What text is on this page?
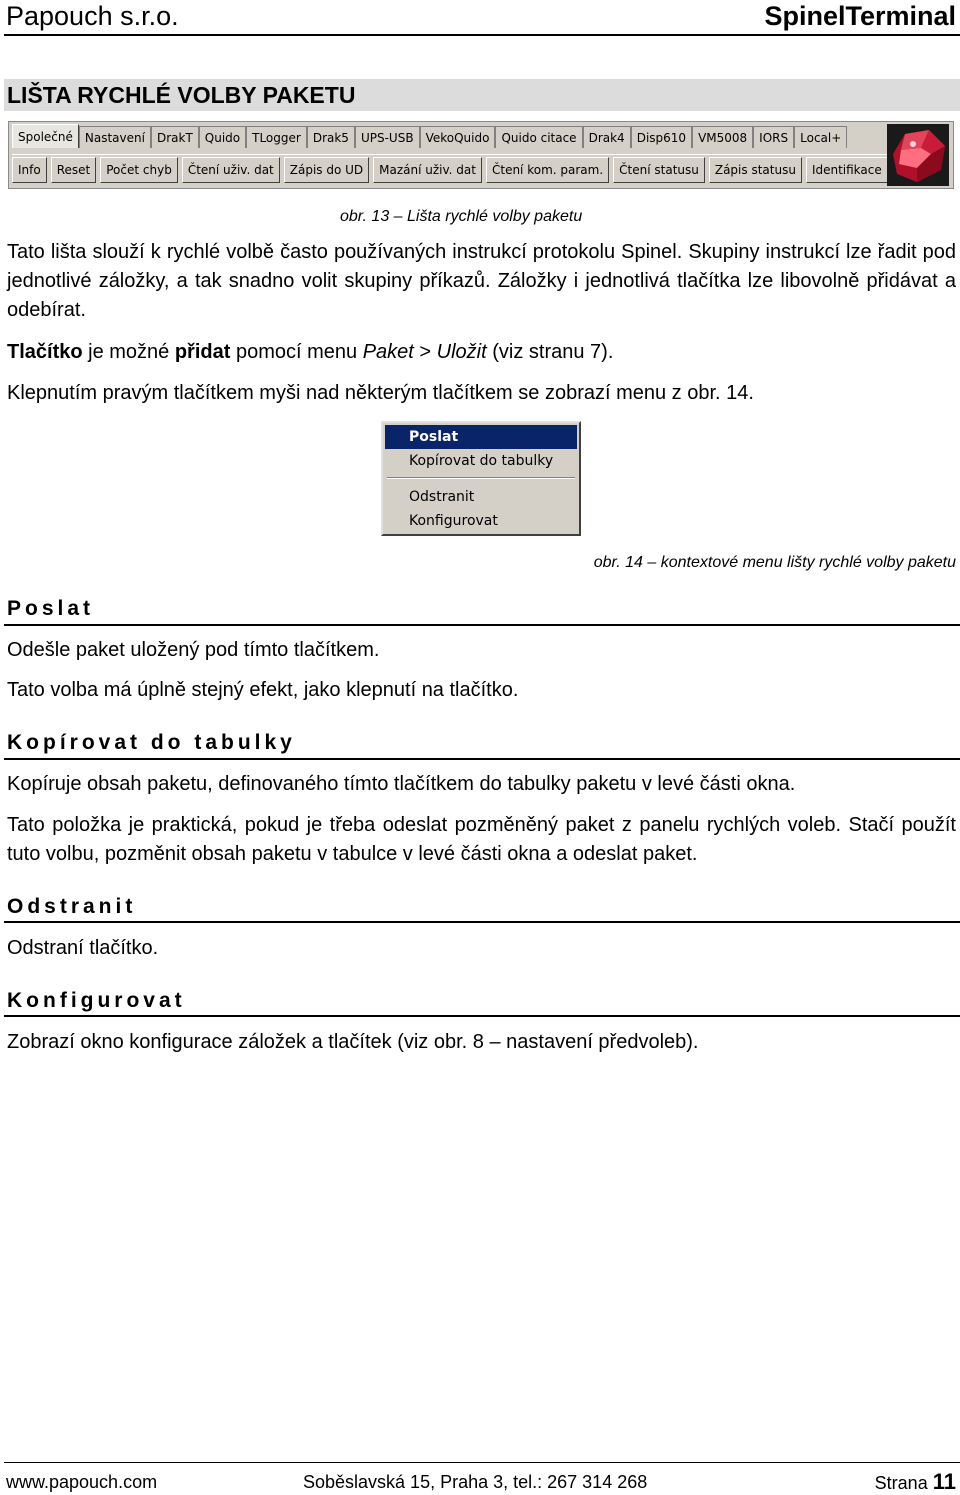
Papouch s.r.o.	SpinelTerminal
LIŠTA RYCHLÉ VOLBY PAKETU
Společné	Nastavení	DrakT	Quido	TLogger	Drak5	UPS-USB	VekoQuido	Quido citace	Drak4	Disp610	VM5008	IORS	Local+
Info	Reset	Počet chyb	Čtení uživ. dat	Zápis do UD	Mazání uživ. dat	Čtení kom. param.	Čtení statusu	Zápis statusu	Identifikace
obr. 13 – Lišta rychlé volby paketu
Tato lišta slouží k rychlé volbě často používaných instrukcí protokolu Spinel. Skupiny instrukcí lze řadit pod jednotlivé záložky, a tak snadno volit skupiny příkazů. Záložky i jednotlivá tlačítka lze libovolně přidávat a odebírat.
Tlačítko je možné přidat pomocí menu Paket > Uložit (viz stranu 7).
Klepnutím pravým tlačítkem myši nad některým tlačítkem se zobrazí menu z obr. 14.
Poslat
Kopírovat do tabulky
Odstranit
Konfigurovat
obr. 14 – kontextové menu lišty rychlé volby paketu
Poslat
Odešle paket uložený pod tímto tlačítkem.
Tato volba má úplně stejný efekt, jako klepnutí na tlačítko.
Kopírovat do tabulky
Kopíruje obsah paketu, definovaného tímto tlačítkem do tabulky paketu v levé části okna.
Tato položka je praktická, pokud je třeba odeslat pozměněný paket z panelu rychlých voleb. Stačí použít tuto volbu, pozměnit obsah paketu v tabulce v levé části okna a odeslat paket.
Odstranit
Odstraní tlačítko.
Konfigurovat
Zobrazí okno konfigurace záložek a tlačítek (viz obr. 8 – nastavení předvoleb).
www.papouch.com	Soběslavská 15, Praha 3, tel.: 267 314 268	Strana 11
